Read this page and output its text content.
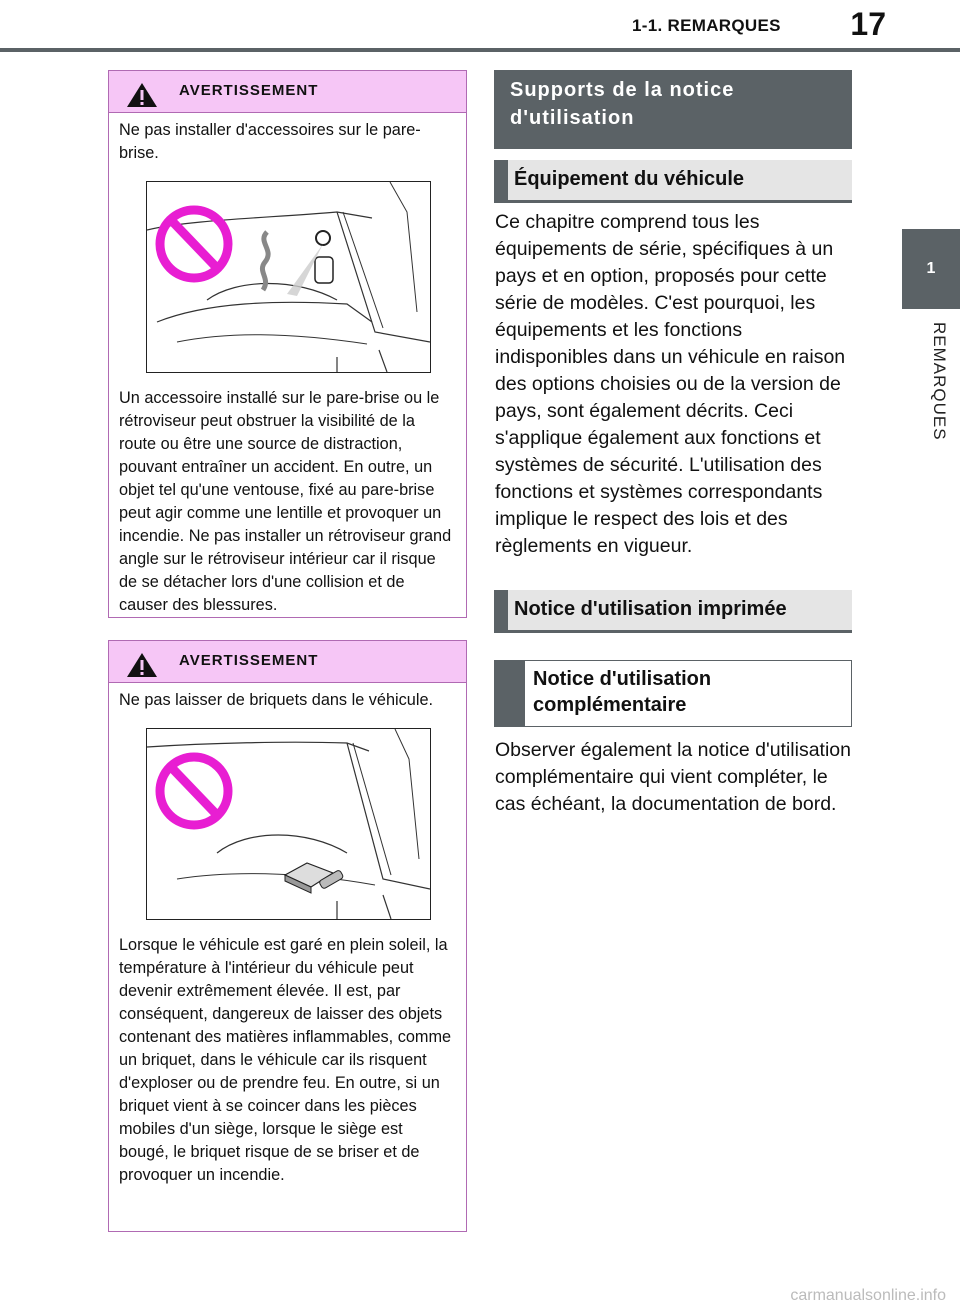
1-1. REMARQUES 17
1
REMARQUES
AVERTISSEMENT

Ne pas installer d'accessoires sur le pare-brise.

Un accessoire installé sur le pare-brise ou le rétroviseur peut obstruer la visibilité de la route ou être une source de distraction, pouvant entraîner un accident. En outre, un objet tel qu'une ventouse, fixé au pare-brise peut agir comme une lentille et provoquer un incendie. Ne pas installer un rétroviseur grand angle sur le rétroviseur intérieur car il risque de se détacher lors d'une collision et de causer des blessures.

AVERTISSEMENT

Ne pas laisser de briquets dans le véhicule.

Lorsque le véhicule est garé en plein soleil, la température à l'intérieur du véhicule peut devenir extrêmement élevée. Il est, par conséquent, dangereux de laisser des objets contenant des matières inflammables, comme un briquet, dans le véhicule car ils risquent d'exploser ou de prendre feu. En outre, si un briquet vient à se coincer dans les pièces mobiles d'un siège, lorsque le siège est bougé, le briquet risque de se briser et de provoquer un incendie.

Supports de la notice d'utilisation
Équipement du véhicule

Ce chapitre comprend tous les équipements de série, spécifiques à un pays et en option, proposés pour cette série de modèles. C'est pourquoi, les équipements et les fonctions indisponibles dans un véhicule en raison des options choisies ou de la version de pays, sont également décrits. Ceci s'applique également aux fonctions et systèmes de sécurité. L'utilisation des fonctions et systèmes correspondants implique le respect des lois et des règlements en vigueur.

Notice d'utilisation imprimée
Notice d'utilisation complémentaire

Observer également la notice d'utilisation complémentaire qui vient compléter, le cas échéant, la documentation de bord.

carmanualsonline.info
